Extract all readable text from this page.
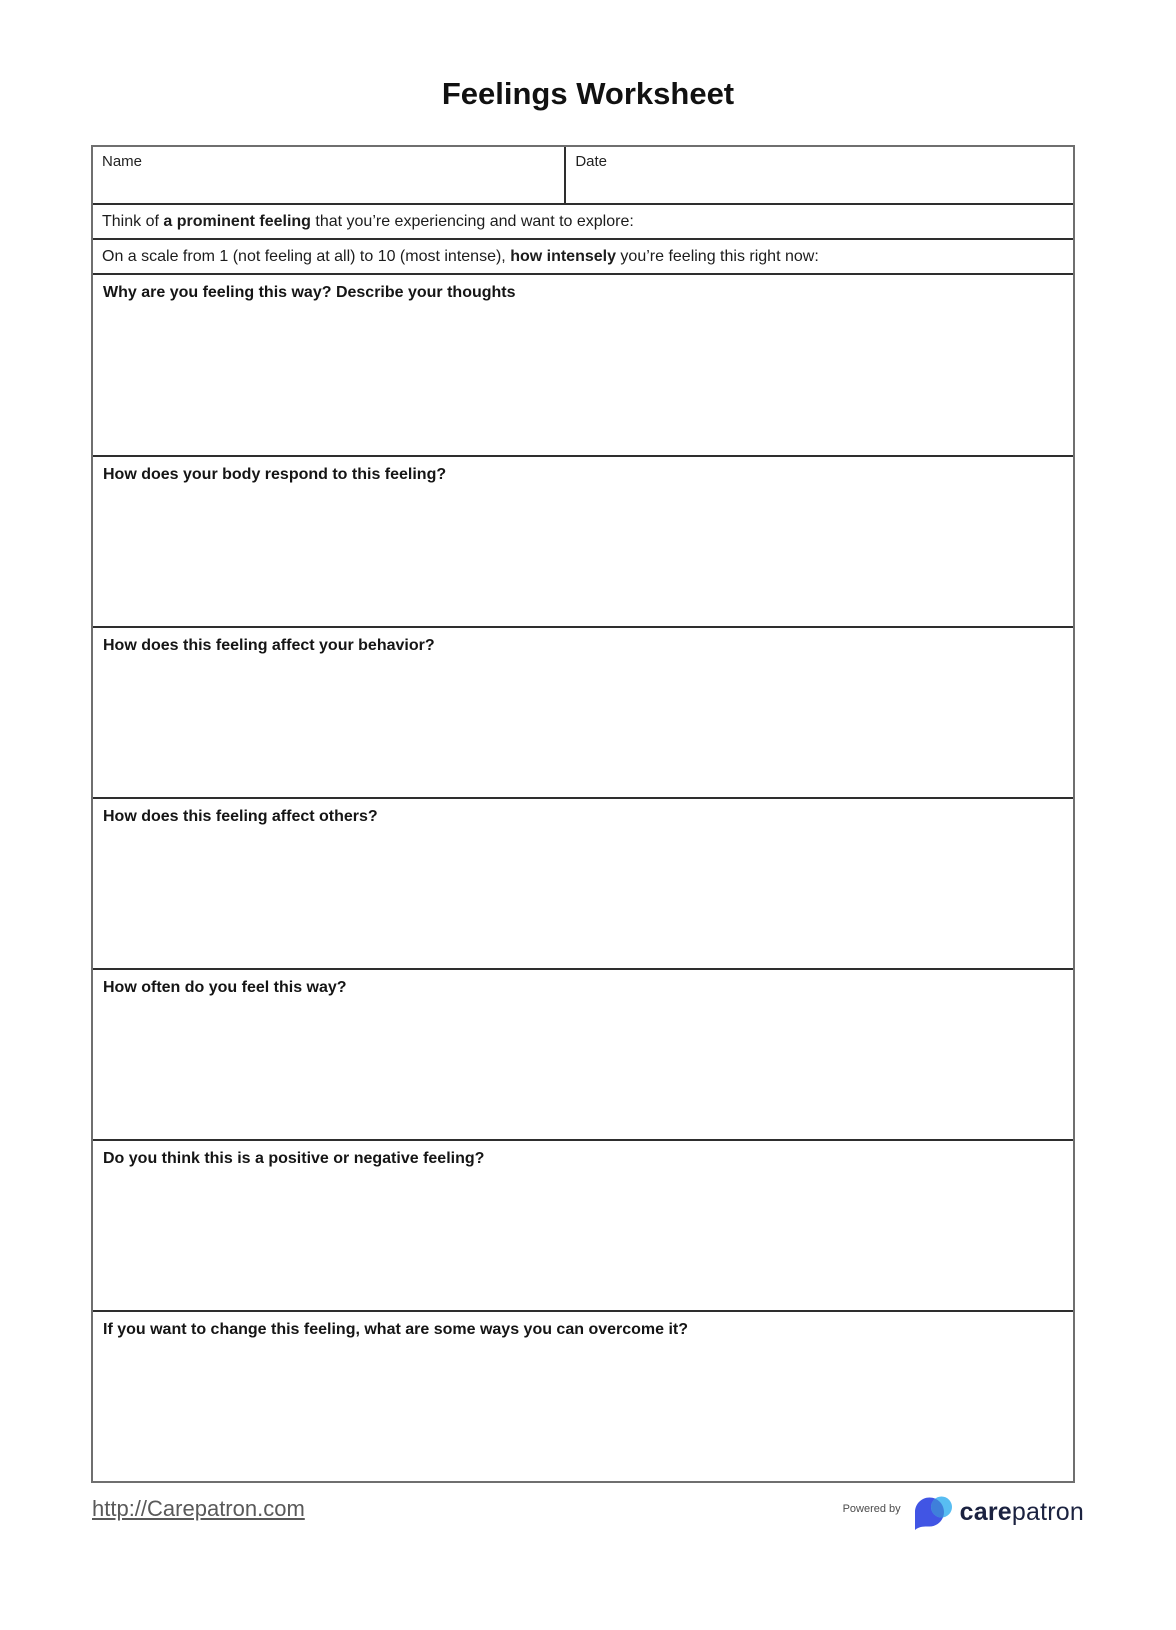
Feelings Worksheet
Name	Date
Think of a prominent feeling that you’re experiencing and want to explore:
On a scale from 1 (not feeling at all) to 10 (most intense), how intensely you’re feeling this right now:
Why are you feeling this way? Describe your thoughts
How does your body respond to this feeling?
How does this feeling affect your behavior?
How does this feeling affect others?
How often do you feel this way?
Do you think this is a positive or negative feeling?
If you want to change this feeling, what are some ways you can overcome it?
http://Carepatron.com	Powered by carepatron
